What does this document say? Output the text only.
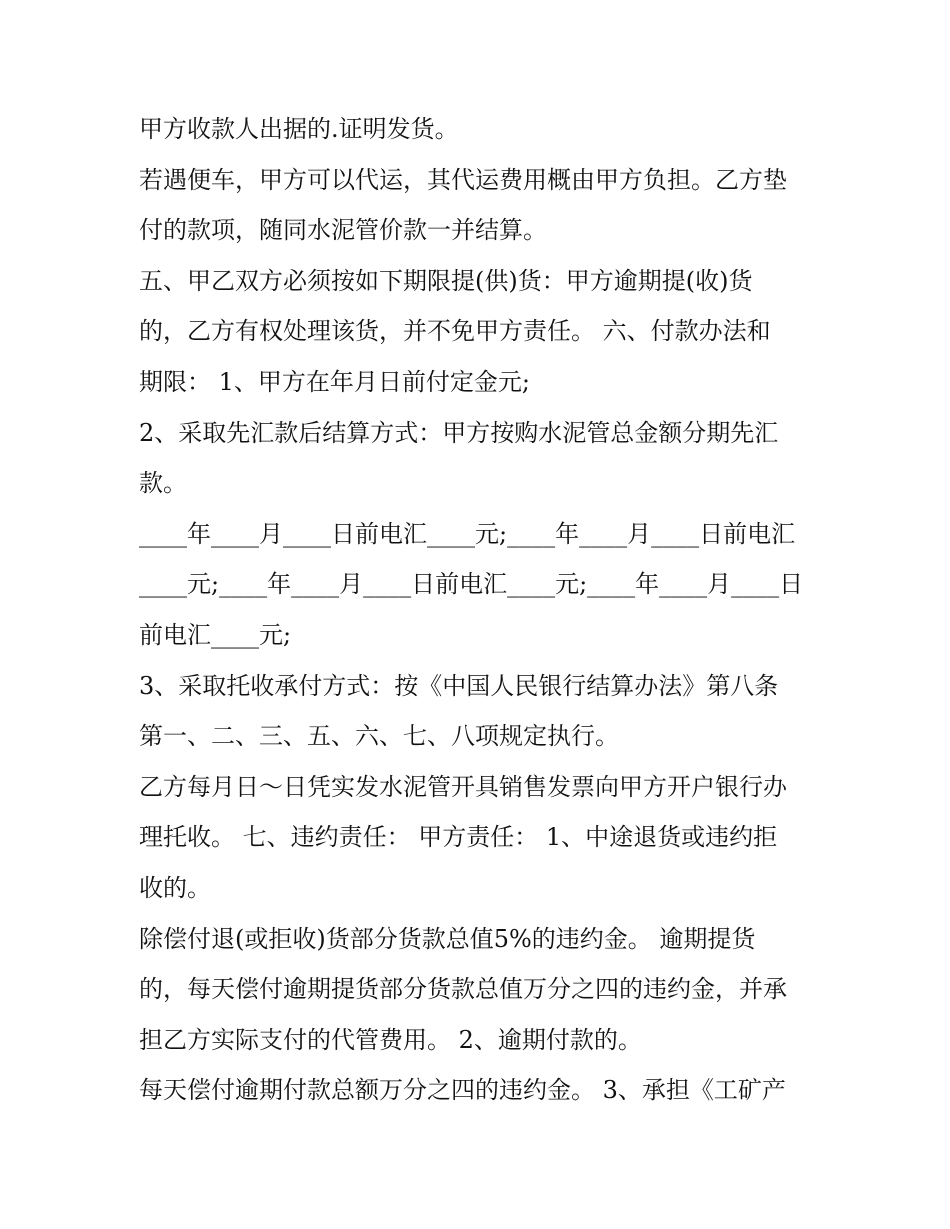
甲方收款人出据的.证明发货。
若遇便车，甲方可以代运，其代运费用概由甲方负担。乙方垫
付的款项，随同水泥管价款一并结算。
五、甲乙双方必须按如下期限提(供)货：甲方逾期提(收)货
的，乙方有权处理该货，并不免甲方责任。 六、付款办法和
期限： 1、甲方在年月日前付定金元;
2、采取先汇款后结算方式：甲方按购水泥管总金额分期先汇
款。
____年____月____日前电汇____元;____年____月____日前电汇
____元;____年____月____日前电汇____元;____年____月____日
前电汇____元;
3、采取托收承付方式：按《中国人民银行结算办法》第八条
第一、二、三、五、六、七、八项规定执行。
乙方每月日～日凭实发水泥管开具销售发票向甲方开户银行办
理托收。 七、违约责任： 甲方责任： 1、中途退货或违约拒
收的。
除偿付退(或拒收)货部分货款总值5%的违约金。 逾期提货
的，每天偿付逾期提货部分货款总值万分之四的违约金，并承
担乙方实际支付的代管费用。 2、逾期付款的。
每天偿付逾期付款总额万分之四的违约金。 3、承担《工矿产
